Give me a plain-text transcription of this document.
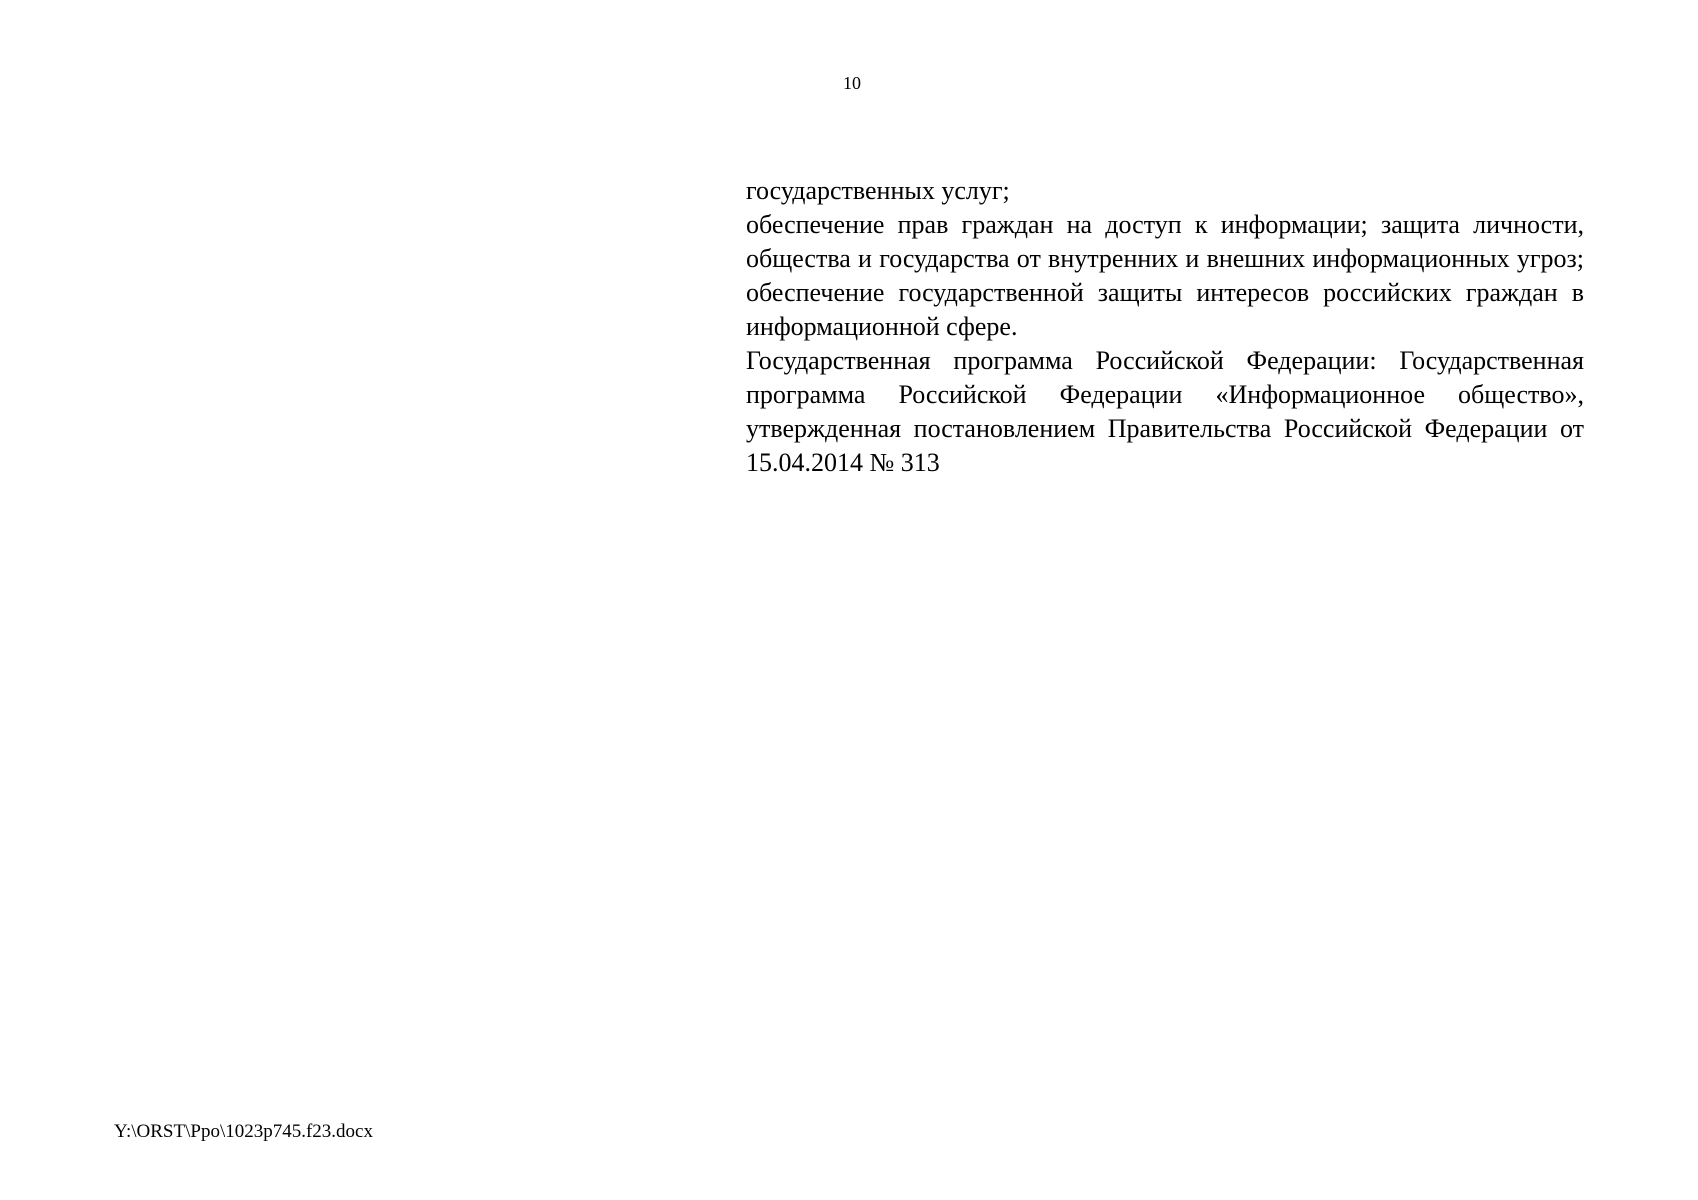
10

государственных услуг;

обеспечение прав граждан на доступ к информации; защита личности, общества и государства от внутренних и внешних информационных угроз; обеспечение государственной защиты интересов российских граждан в информационной сфере.

Государственная программа Российской Федерации: Государственная программа Российской Федерации «Информационное общество», утвержденная постановлением Правительства Российской Федерации от 15.04.2014 № 313

Y:\ORST\Ppo\1023p745.f23.docx
